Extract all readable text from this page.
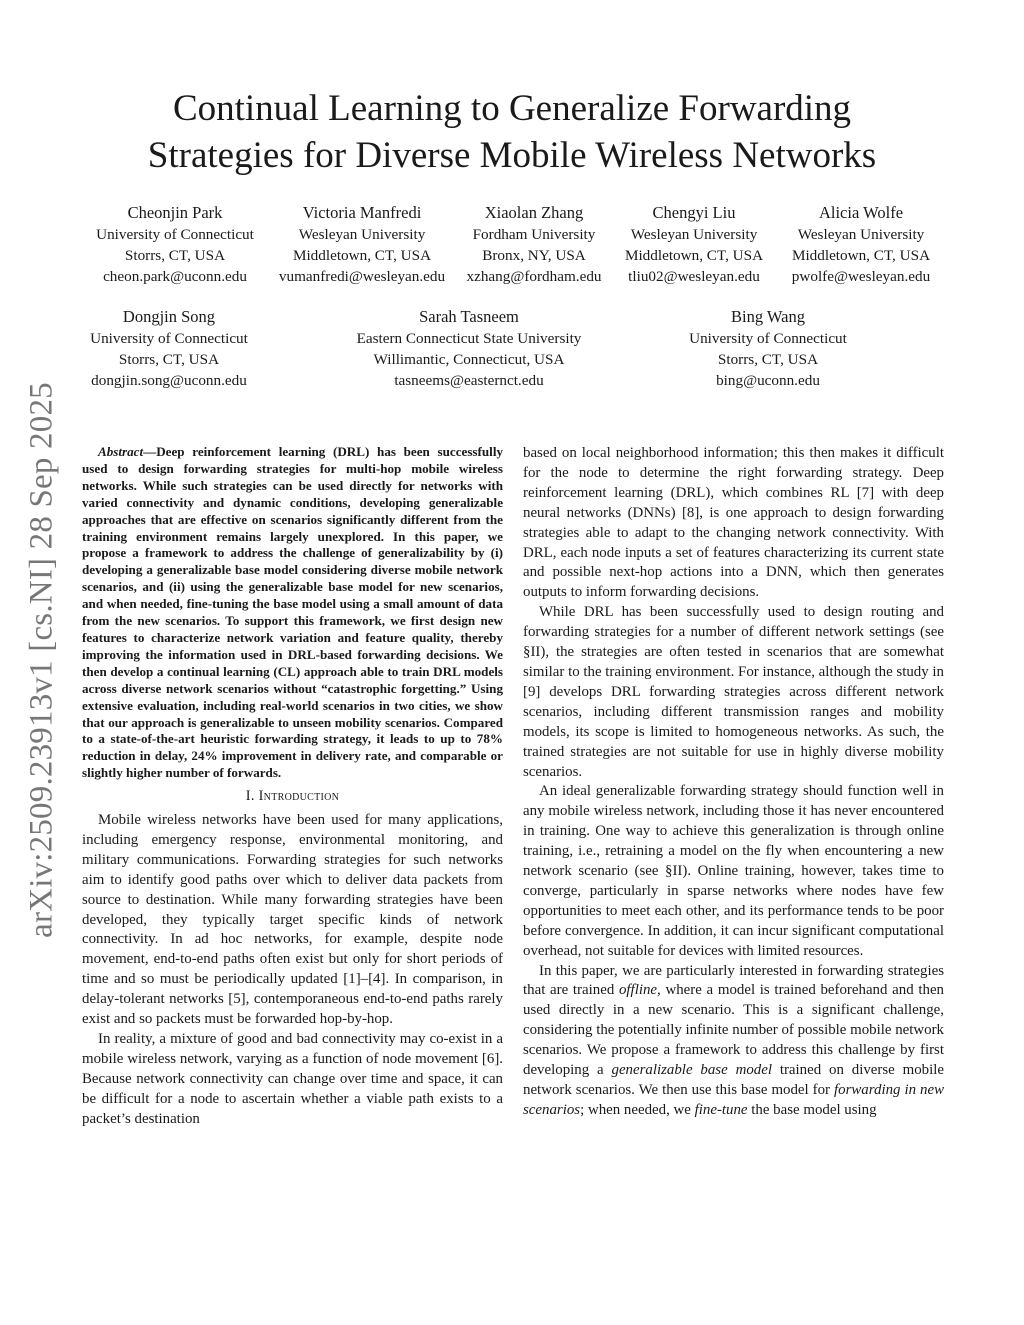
Continual Learning to Generalize Forwarding
Strategies for Diverse Mobile Wireless Networks
Cheonjin Park
University of Connecticut
Storrs, CT, USA
cheon.park@uconn.edu
Victoria Manfredi
Wesleyan University
Middletown, CT, USA
vumanfredi@wesleyan.edu
Xiaolan Zhang
Fordham University
Bronx, NY, USA
xzhang@fordham.edu
Chengyi Liu
Wesleyan University
Middletown, CT, USA
tliu02@wesleyan.edu
Alicia Wolfe
Wesleyan University
Middletown, CT, USA
pwolfe@wesleyan.edu
Dongjin Song
University of Connecticut
Storrs, CT, USA
dongjin.song@uconn.edu
Sarah Tasneem
Eastern Connecticut State University
Willimantic, Connecticut, USA
tasneems@easternct.edu
Bing Wang
University of Connecticut
Storrs, CT, USA
bing@uconn.edu
arXiv:2509.23913v1 [cs.NI] 28 Sep 2025	Abstract—Deep reinforcement learning (DRL) has been successfully used to design forwarding strategies for multi-hop mobile wireless networks. While such strategies can be used directly for networks with varied connectivity and dynamic conditions, developing generalizable approaches that are effective on scenarios significantly different from the training environment remains largely unexplored. In this paper, we propose a framework to address the challenge of generalizability by (i) developing a generalizable base model considering diverse mobile network scenarios, and (ii) using the generalizable base model for new scenarios, and when needed, fine-tuning the base model using a small amount of data from the new scenarios. To support this framework, we first design new features to characterize network variation and feature quality, thereby improving the information used in DRL-based forwarding decisions. We then develop a continual learning (CL) approach able to train DRL models across diverse network scenarios without “catastrophic forgetting.” Using extensive evaluation, including real-world scenarios in two cities, we show that our approach is generalizable to unseen mobility scenarios. Compared to a state-of-the-art heuristic forwarding strategy, it leads to up to 78% reduction in delay, 24% improvement in delivery rate, and comparable or slightly higher number of forwards.

I. Introduction

Mobile wireless networks have been used for many applications, including emergency response, environmental monitoring, and military communications. Forwarding strategies for such networks aim to identify good paths over which to deliver data packets from source to destination. While many forwarding strategies have been developed, they typically target specific kinds of network connectivity. In ad hoc networks, for example, despite node movement, end-to-end paths often exist but only for short periods of time and so must be periodically updated [1]–[4]. In comparison, in delay-tolerant networks [5], contemporaneous end-to-end paths rarely exist and so packets must be forwarded hop-by-hop.

In reality, a mixture of good and bad connectivity may co-exist in a mobile wireless network, varying as a function of node movement [6]. Because network connectivity can change over time and space, it can be difficult for a node to ascertain whether a viable path exists to a packet’s destination

based on local neighborhood information; this then makes it difficult for the node to determine the right forwarding strategy. Deep reinforcement learning (DRL), which combines RL [7] with deep neural networks (DNNs) [8], is one approach to design forwarding strategies able to adapt to the changing network connectivity. With DRL, each node inputs a set of features characterizing its current state and possible next-hop actions into a DNN, which then generates outputs to inform forwarding decisions.

While DRL has been successfully used to design routing and forwarding strategies for a number of different network settings (see §II), the strategies are often tested in scenarios that are somewhat similar to the training environment. For instance, although the study in [9] develops DRL forwarding strategies across different network scenarios, including different transmission ranges and mobility models, its scope is limited to homogeneous networks. As such, the trained strategies are not suitable for use in highly diverse mobility scenarios.

An ideal generalizable forwarding strategy should function well in any mobile wireless network, including those it has never encountered in training. One way to achieve this generalization is through online training, i.e., retraining a model on the fly when encountering a new network scenario (see §II). Online training, however, takes time to converge, particularly in sparse networks where nodes have few opportunities to meet each other, and its performance tends to be poor before convergence. In addition, it can incur significant computational overhead, not suitable for devices with limited resources.

In this paper, we are particularly interested in forwarding strategies that are trained offline, where a model is trained beforehand and then used directly in a new scenario. This is a significant challenge, considering the potentially infinite number of possible mobile network scenarios. We propose a framework to address this challenge by first developing a generalizable base model trained on diverse mobile network scenarios. We then use this base model for forwarding in new scenarios; when needed, we fine-tune the base model using
